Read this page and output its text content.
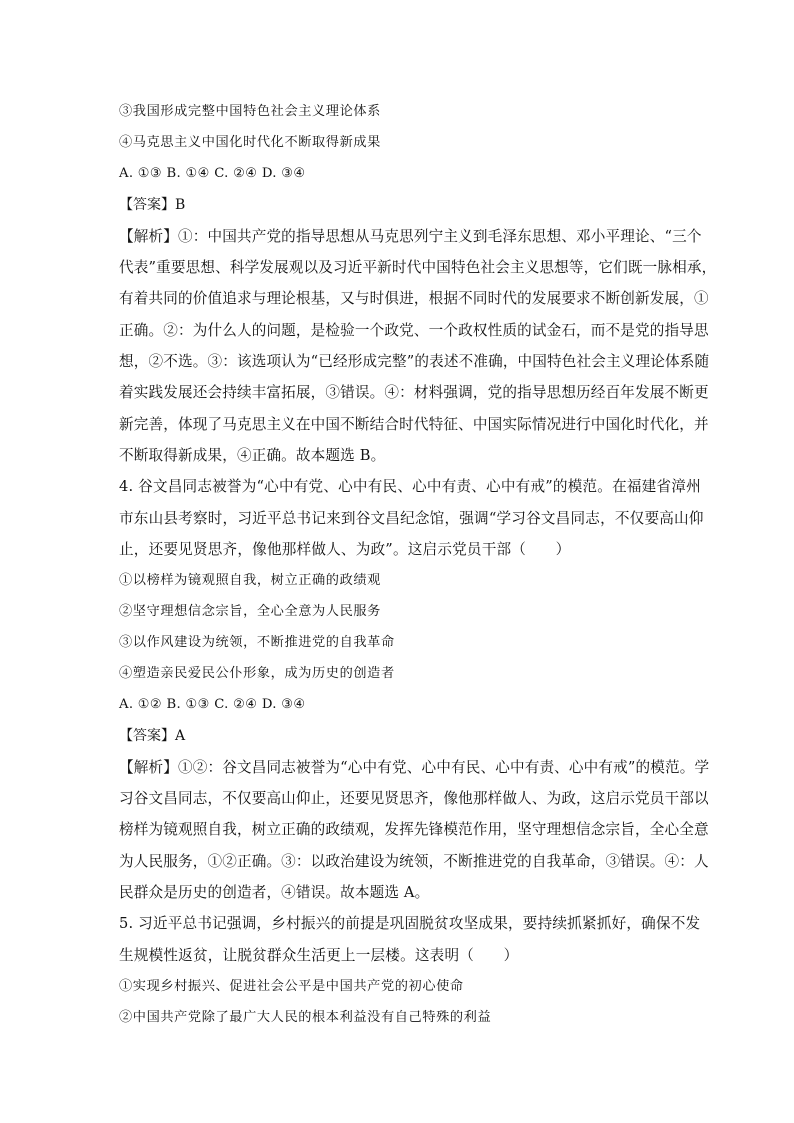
③我国形成完整中国特色社会主义理论体系
④马克思主义中国化时代化不断取得新成果
A. ①③ B. ①④ C. ②④ D. ③④
【答案】B
【解析】①：中国共产党的指导思想从马克思列宁主义到毛泽东思想、邓小平理论、“三个
代表”重要思想、科学发展观以及习近平新时代中国特色社会主义思想等，它们既一脉相承，
有着共同的价值追求与理论根基，又与时俱进，根据不同时代的发展要求不断创新发展，①
正确。②：为什么人的问题，是检验一个政党、一个政权性质的试金石，而不是党的指导思
想，②不选。③：该选项认为“已经形成完整”的表述不准确，中国特色社会主义理论体系随
着实践发展还会持续丰富拓展，③错误。④：材料强调，党的指导思想历经百年发展不断更
新完善，体现了马克思主义在中国不断结合时代特征、中国实际情况进行中国化时代化，并
不断取得新成果，④正确。故本题选 B。
4. 谷文昌同志被誉为“心中有党、心中有民、心中有责、心中有戒”的模范。在福建省漳州
市东山县考察时，习近平总书记来到谷文昌纪念馆，强调“学习谷文昌同志，不仅要高山仰
止，还要见贤思齐，像他那样做人、为政”。这启示党员干部（　　）
①以榜样为镜观照自我，树立正确的政绩观
②坚守理想信念宗旨，全心全意为人民服务
③以作风建设为统领，不断推进党的自我革命
④塑造亲民爱民公仆形象，成为历史的创造者
A. ①② B. ①③ C. ②④ D. ③④
【答案】A
【解析】①②：谷文昌同志被誉为“心中有党、心中有民、心中有责、心中有戒”的模范。学
习谷文昌同志，不仅要高山仰止，还要见贤思齐，像他那样做人、为政，这启示党员干部以
榜样为镜观照自我，树立正确的政绩观，发挥先锋模范作用，坚守理想信念宗旨，全心全意
为人民服务，①②正确。③：以政治建设为统领，不断推进党的自我革命，③错误。④：人
民群众是历史的创造者，④错误。故本题选 A。
5. 习近平总书记强调，乡村振兴的前提是巩固脱贫攻坚成果，要持续抓紧抓好，确保不发
生规模性返贫，让脱贫群众生活更上一层楼。这表明（　　）
①实现乡村振兴、促进社会公平是中国共产党的初心使命
②中国共产党除了最广大人民的根本利益没有自己特殊的利益
